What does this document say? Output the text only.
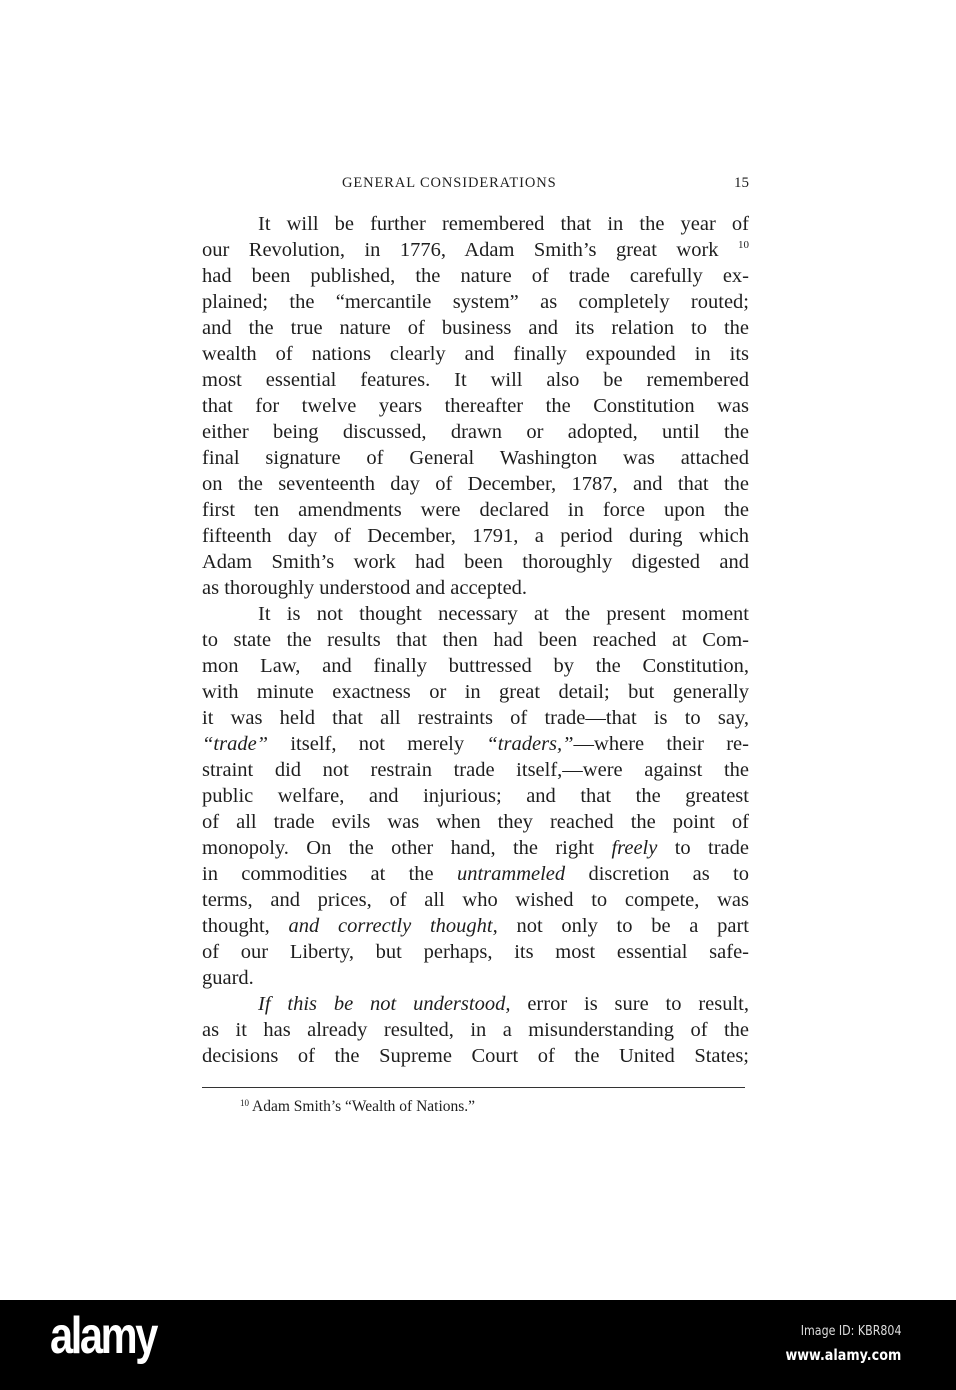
GENERAL CONSIDERATIONS	15
It will be further remembered that in the year of
our Revolution, in 1776, Adam Smith’s great work $^{10}$
had been published, the nature of trade carefully ex-
plained; the “mercantile system” as completely routed;
and the true nature of business and its relation to the
wealth of nations clearly and finally expounded in its
most essential features. It will also be remembered
that for twelve years thereafter the Constitution was
either being discussed, drawn or adopted, until the
final signature of General Washington was attached
on the seventeenth day of December, 1787, and that the
first ten amendments were declared in force upon the
fifteenth day of December, 1791, a period during which
Adam Smith’s work had been thoroughly digested and
as thoroughly understood and accepted.
It is not thought necessary at the present moment
to state the results that then had been reached at Com-
mon Law, and finally buttressed by the Constitution,
with minute exactness or in great detail; but generally
it was held that all restraints of trade—that is to say,
“trade” itself, not merely “traders,”—where their re-
straint did not restrain trade itself,—were against the
public welfare, and injurious; and that the greatest
of all trade evils was when they reached the point of
monopoly. On the other hand, the right freely to trade
in commodities at the untrammeled discretion as to
terms, and prices, of all who wished to compete, was
thought, and correctly thought, not only to be a part
of our Liberty, but perhaps, its most essential safe-
guard.
If this be not understood, error is sure to result,
as it has already resulted, in a misunderstanding of the
decisions of the Supreme Court of the United States;
$^{10}$ Adam Smith’s “Wealth of Nations.”
alamy	Image ID: KBR804
www.alamy.com
